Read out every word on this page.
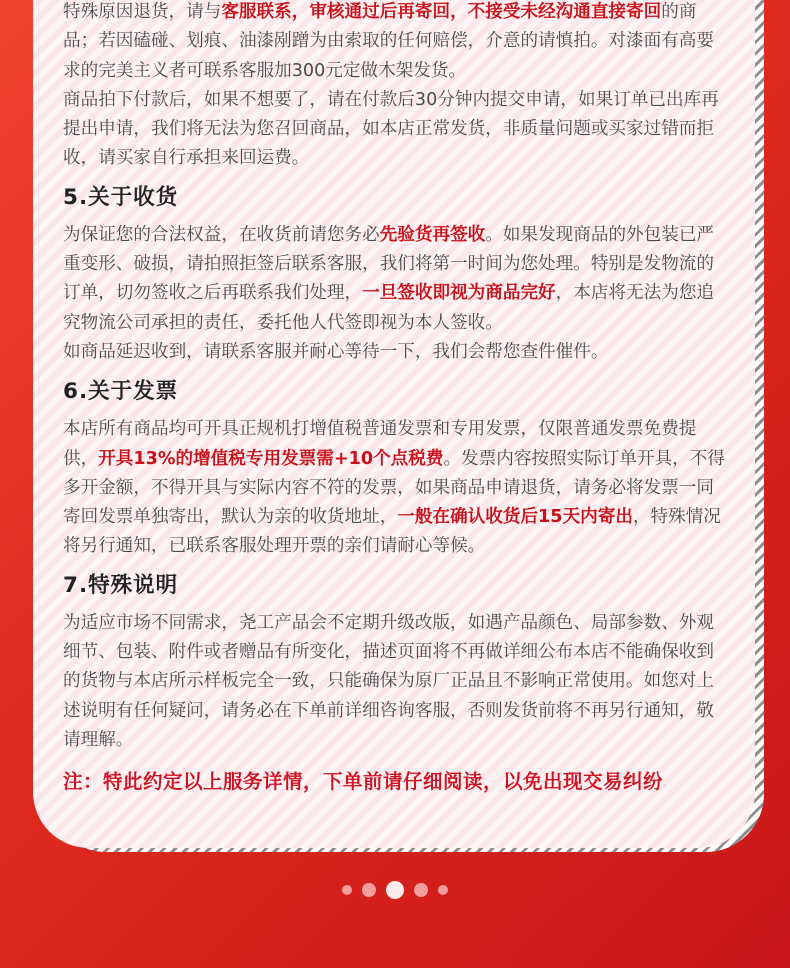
特殊原因退货，请与客服联系，审核通过后再寄回，不接受未经沟通直接寄回的商品；若因磕碰、划痕、油漆剐蹭为由索取的任何赔偿，介意的请慎拍。对漆面有高要求的完美主义者可联系客服加300元定做木架发货。

商品拍下付款后，如果不想要了，请在付款后30分钟内提交申请，如果订单已出库再提出申请，我们将无法为您召回商品，如本店正常发货，非质量问题或买家过错而拒收，请买家自行承担来回运费。

5.关于收货

为保证您的合法权益，在收货前请您务必先验货再签收。如果发现商品的外包装已严重变形、破损，请拍照拒签后联系客服，我们将第一时间为您处理。特别是发物流的订单，切勿签收之后再联系我们处理，一旦签收即视为商品完好，本店将无法为您追究物流公司承担的责任，委托他人代签即视为本人签收。

如商品延迟收到，请联系客服并耐心等待一下，我们会帮您查件催件。

6.关于发票

本店所有商品均可开具正规机打增值税普通发票和专用发票，仅限普通发票免费提供，开具13%的增值税专用发票需+10个点税费。发票内容按照实际订单开具，不得多开金额，不得开具与实际内容不符的发票，如果商品申请退货，请务必将发票一同寄回发票单独寄出，默认为亲的收货地址，一般在确认收货后15天内寄出，特殊情况将另行通知，已联系客服处理开票的亲们请耐心等候。

7.特殊说明

为适应市场不同需求，尧工产品会不定期升级改版，如遇产品颜色、局部参数、外观细节、包装、附件或者赠品有所变化，描述页面将不再做详细公布本店不能确保收到的货物与本店所示样板完全一致，只能确保为原厂正品且不影响正常使用。如您对上述说明有任何疑问，请务必在下单前详细咨询客服，否则发货前将不再另行通知，敬请理解。

注：特此约定以上服务详情，下单前请仔细阅读，以免出现交易纠纷
